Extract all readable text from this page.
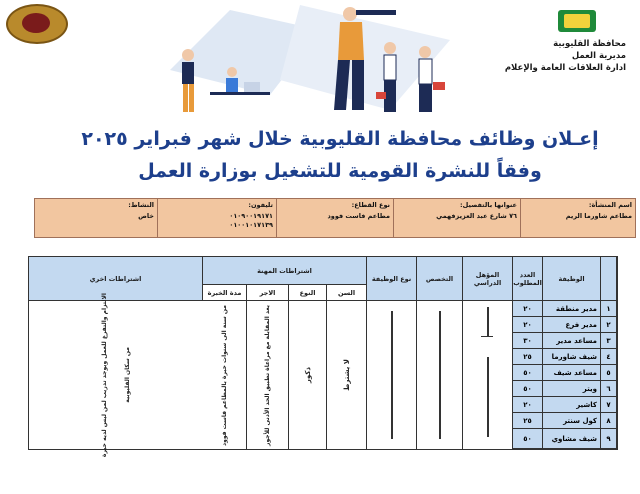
محافظة القليوبية
مديرية العمل
ادارة العلاقات العامة والإعلام
إعـلان وظائف محافظة القليوبية خلال شهر فبراير ٢٠٢٥
وفقاً للنشرة القومية للتشغيل بوزارة العمل
اسم المنشأة:
مطاعم شاورما الريم
عنوانها بالتفصيل:
٧٦ شارع عبد العزيزفهمي
نوع القطاع:
مطاعم فاست فوود
تليفون:
٠١٠٩٠٠١٩١٧١
٠١٠٠١٠١٧١٣٩
النشاط:
خاص
الوظيفة
العدد المطلوب
المؤهل الدراسي
التخصص
نوع الوظيفة
اشتراطات المهنة
السن
النوع
الاجر
مدة الخبرة
اشتراطات اخري
١
مدير منطقة
٢٠
٢
مدير فرع
٢٠
٣
مساعد مدير
٣٠
٤
شيف شاورما
٢٥
٥
مساعد شيف
٥٠
٦
ويتر
٥٠
٧
كاشير
٢٠
٨
كول سنتر
٢٥
٩
شيف مشاوي
٥٠
لا يشترط
ذكور
يعد المقابلة مع مراعاة تطبيق الحد الأدنى للأجور
من سنة الى سنوات خبرة بالمطاعم فاست فوود
الالتزام والتفرغ للعمل ويوجد تدريب لمن ليس لديه خبرة	من سكان القليوبية
